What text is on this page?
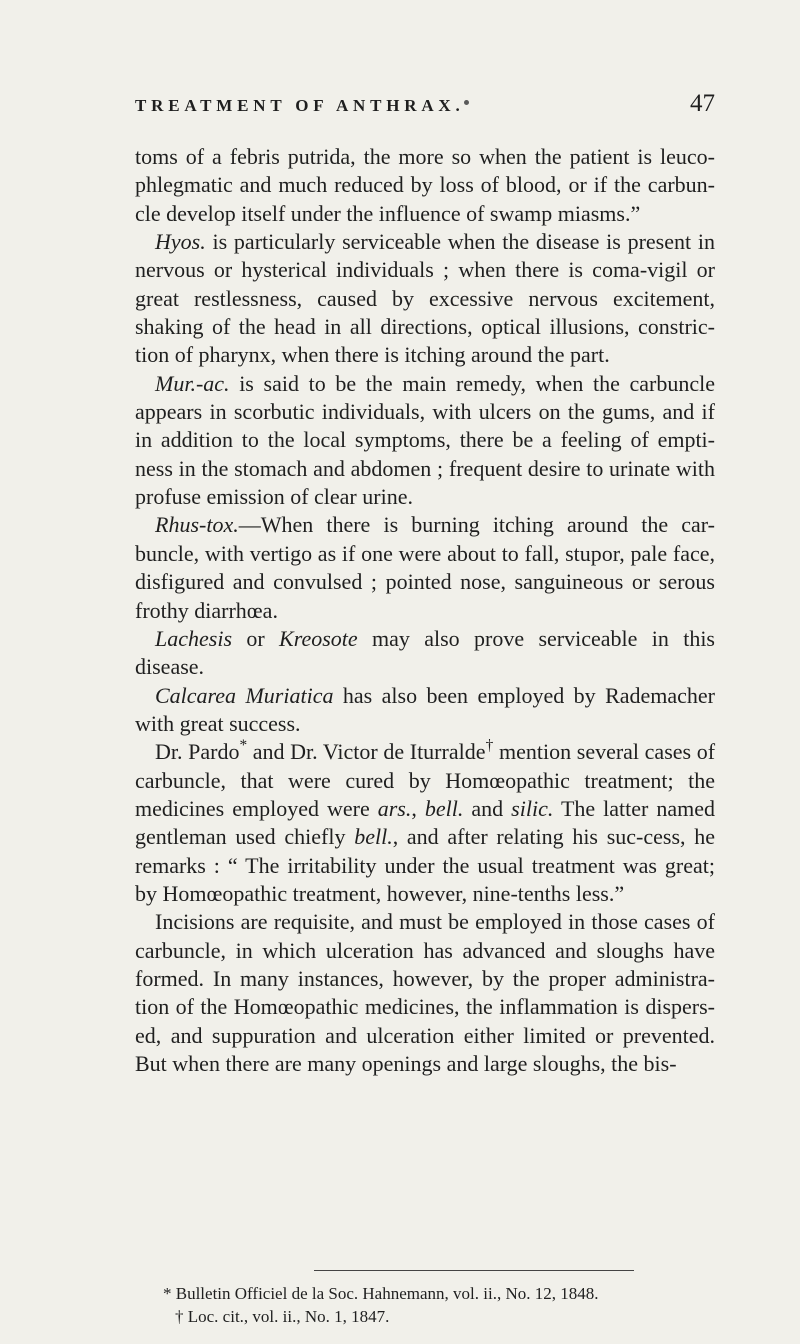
TREATMENT OF ANTHRAX.	47

toms of a febris putrida, the more so when the patient is leuco-phlegmatic and much reduced by loss of blood, or if the carbun-cle develop itself under the influence of swamp miasms.”

Hyos. is particularly serviceable when the disease is present in nervous or hysterical individuals ; when there is coma-vigil or great restlessness, caused by excessive nervous excitement, shaking of the head in all directions, optical illusions, constric-tion of pharynx, when there is itching around the part.

Mur.-ac. is said to be the main remedy, when the carbuncle appears in scorbutic individuals, with ulcers on the gums, and if in addition to the local symptoms, there be a feeling of empti-ness in the stomach and abdomen ; frequent desire to urinate with profuse emission of clear urine.

Rhus-tox.—When there is burning itching around the car-buncle, with vertigo as if one were about to fall, stupor, pale face, disfigured and convulsed ; pointed nose, sanguineous or serous frothy diarrhœa.

Lachesis or Kreosote may also prove serviceable in this disease.

Calcarea Muriatica has also been employed by Rademacher with great success.

Dr. Pardo* and Dr. Victor de Iturralde† mention several cases of carbuncle, that were cured by Homœopathic treatment; the medicines employed were ars., bell. and silic. The latter named gentleman used chiefly bell., and after relating his suc-cess, he remarks : “ The irritability under the usual treatment was great; by Homœopathic treatment, however, nine-tenths less.”

Incisions are requisite, and must be employed in those cases of carbuncle, in which ulceration has advanced and sloughs have formed. In many instances, however, by the proper administra-tion of the Homœopathic medicines, the inflammation is dispers-ed, and suppuration and ulceration either limited or prevented. But when there are many openings and large sloughs, the bis-

* Bulletin Officiel de la Soc. Hahnemann, vol. ii., No. 12, 1848.

† Loc. cit., vol. ii., No. 1, 1847.
